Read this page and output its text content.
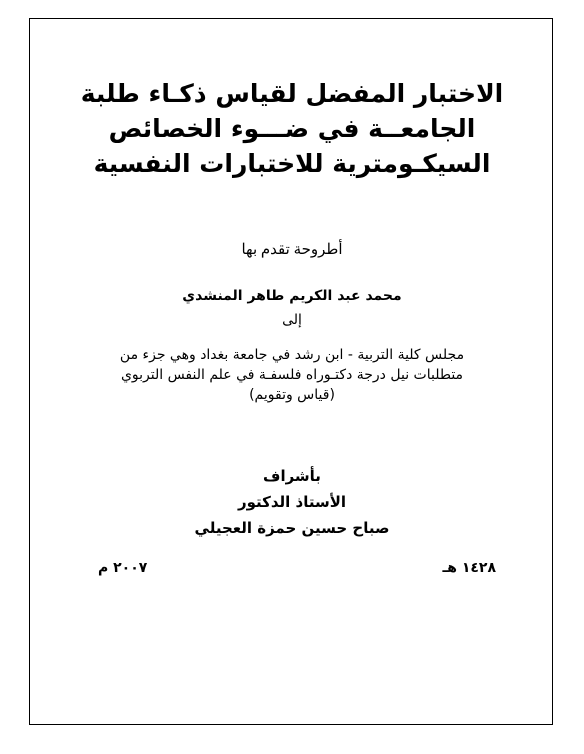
الاختبار المفضل لقياس ذكـاء طلبة
الجامعــة في ضـــوء الخصائص
السيكـومترية للاختبارات النفسية
أطروحة تقدم بها
محمد عبد الكريم طاهر المنشدي
إلى
مجلس كلية التربية - ابن رشد في جامعة بغداد وهي جزء من
متطلبات نيل درجة دكتـوراه فلسفـة في علم النفس التربوي
(قياس وتقويم)
بأشراف
الأستاذ الدكتور
صباح حسين حمزة العجيلي
١٤٢٨ هـ
٢٠٠٧ م
